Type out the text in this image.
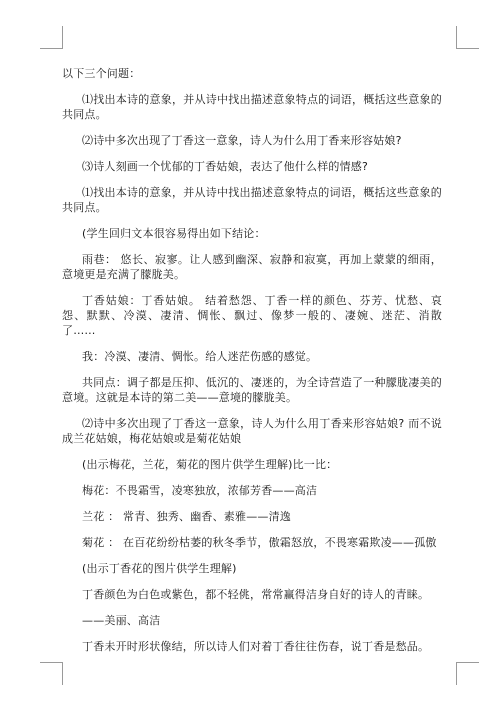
以下三个问题：

⑴找出本诗的意象，并从诗中找出描述意象特点的词语，概括这些意象的共同点。

⑵诗中多次出现了丁香这一意象，诗人为什么用丁香来形容姑娘?

⑶诗人刻画一个忧郁的丁香姑娘，表达了他什么样的情感?

⑴找出本诗的意象，并从诗中找出描述意象特点的词语，概括这些意象的共同点。

(学生回归文本很容易得出如下结论：

雨巷： 悠长、寂寥。让人感到幽深、寂静和寂寞，再加上蒙蒙的细雨，意境更是充满了朦胧美。

丁香姑娘：丁香姑娘。 结着愁怨、丁香一样的颜色、芬芳、忧愁、哀怨、默默、冷漠、凄清、惆怅、飘过、像梦一般的、凄婉、迷茫、消散了……

我：冷漠、凄清、惆怅。给人迷茫伤感的感觉。

共同点：调子都是压抑、低沉的、凄迷的，为全诗营造了一种朦胧凄美的意境。这就是本诗的第二美——意境的朦胧美。

⑵诗中多次出现了丁香这一意象，诗人为什么用丁香来形容姑娘? 而不说成兰花姑娘，梅花姑娘或是菊花姑娘

(出示梅花，兰花，菊花的图片供学生理解)比一比：

梅花：不畏霜雪，凌寒独放，浓郁芳香——高洁

兰花 ： 常青、独秀、幽香、素雅——清逸

菊花 ： 在百花纷纷枯萎的秋冬季节，傲霜怒放，不畏寒霜欺凌——孤傲

(出示丁香花的图片供学生理解)

丁香颜色为白色或紫色，都不轻佻，常常赢得洁身自好的诗人的青睐。

——美丽、高洁

丁香未开时形状像结，所以诗人们对着丁香往往伤春，说丁香是愁品。
